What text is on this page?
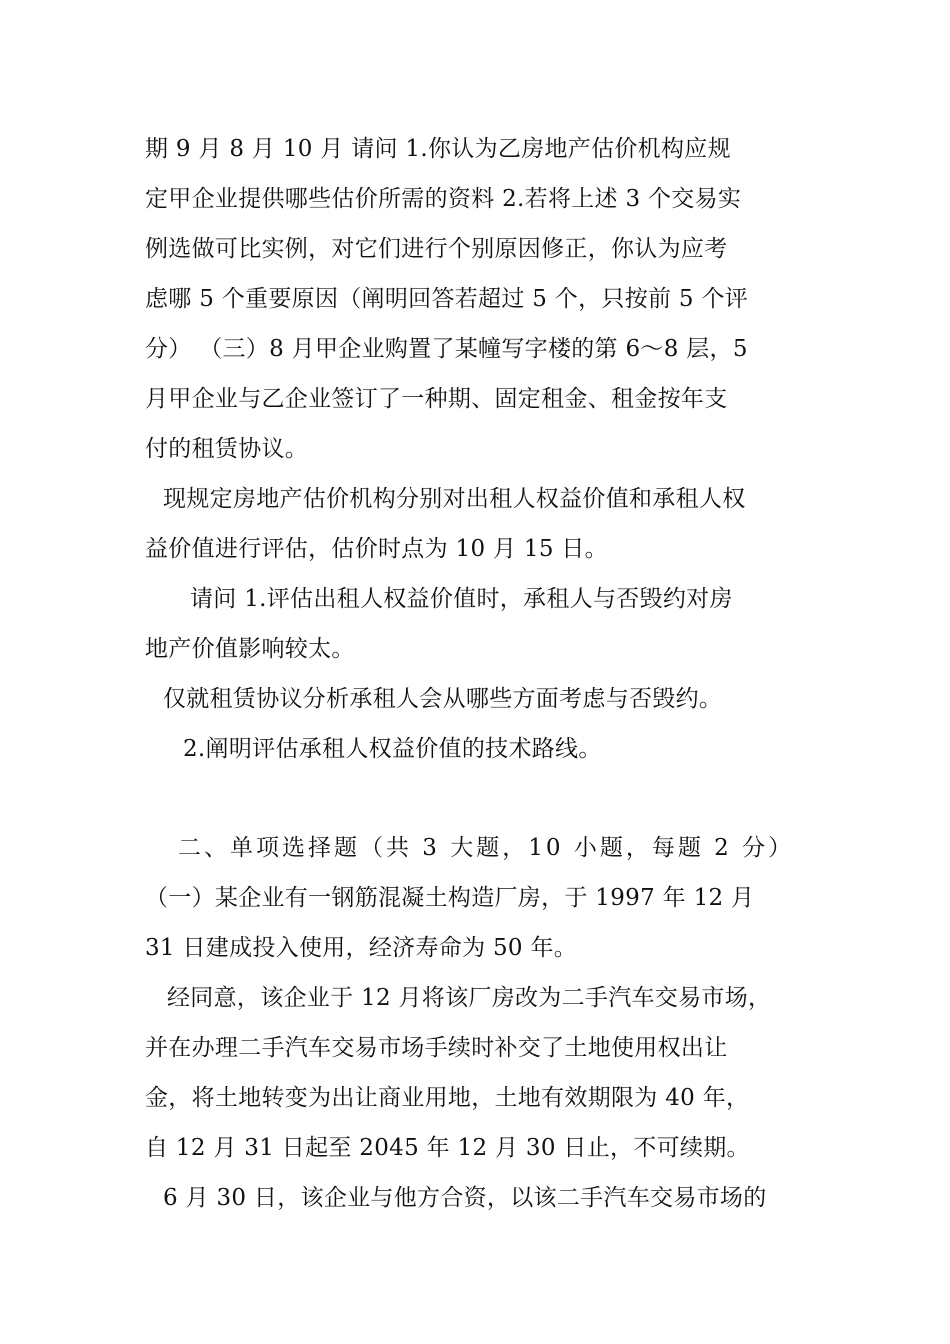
期 9 月 8 月 10 月 请问 1.你认为乙房地产估价机构应规
定甲企业提供哪些估价所需的资料 2.若将上述 3 个交易实
例选做可比实例，对它们进行个别原因修正，你认为应考
虑哪 5 个重要原因（阐明回答若超过 5 个，只按前 5 个评
分） （三）8 月甲企业购置了某幢写字楼的第 6～8 层，5
月甲企业与乙企业签订了一种期、固定租金、租金按年支
付的租赁协议。
现规定房地产估价机构分别对出租人权益价值和承租人权
益价值进行评估，估价时点为 10 月 15 日。
请问 1.评估出租人权益价值时，承租人与否毁约对房
地产价值影响较太。
仅就租赁协议分析承租人会从哪些方面考虑与否毁约。
2.阐明评估承租人权益价值的技术路线。
二、单项选择题（共 3 大题，10 小题，每题 2 分）
（一）某企业有一钢筋混凝土构造厂房，于 1997 年 12 月
31 日建成投入使用，经济寿命为 50 年。
经同意，该企业于 12 月将该厂房改为二手汽车交易市场，
并在办理二手汽车交易市场手续时补交了土地使用权出让
金，将土地转变为出让商业用地，土地有效期限为 40 年，
自 12 月 31 日起至 2045 年 12 月 30 日止，不可续期。
6 月 30 日，该企业与他方合资，以该二手汽车交易市场的
